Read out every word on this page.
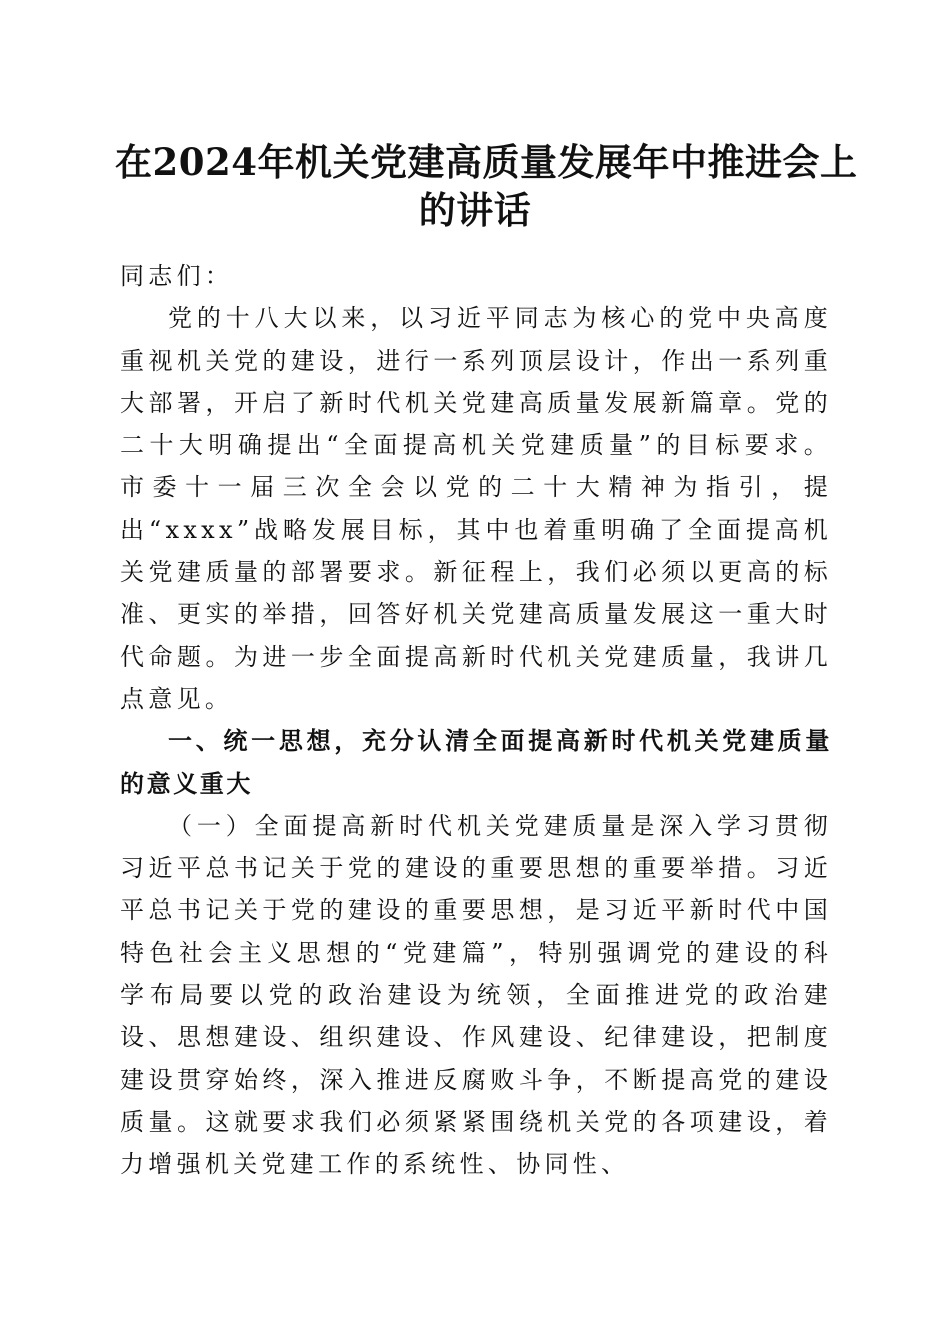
在2024年机关党建高质量发展年中推进会上
的讲话

同志们：

党的十八大以来，以习近平同志为核心的党中央高度重视机关党的建设，进行一系列顶层设计，作出一系列重大部署，开启了新时代机关党建高质量发展新篇章。党的二十大明确提出“全面提高机关党建质量”的目标要求。市委十一届三次全会以党的二十大精神为指引，提出“xxxx”战略发展目标，其中也着重明确了全面提高机关党建质量的部署要求。新征程上，我们必须以更高的标准、更实的举措，回答好机关党建高质量发展这一重大时代命题。为进一步全面提高新时代机关党建质量，我讲几点意见。

一、统一思想，充分认清全面提高新时代机关党建质量的意义重大

（一）全面提高新时代机关党建质量是深入学习贯彻习近平总书记关于党的建设的重要思想的重要举措。习近平总书记关于党的建设的重要思想，是习近平新时代中国特色社会主义思想的“党建篇”，特别强调党的建设的科学布局要以党的政治建设为统领，全面推进党的政治建设、思想建设、组织建设、作风建设、纪律建设，把制度建设贯穿始终，深入推进反腐败斗争，不断提高党的建设质量。这就要求我们必须紧紧围绕机关党的各项建设，着力增强机关党建工作的系统性、协同性、
